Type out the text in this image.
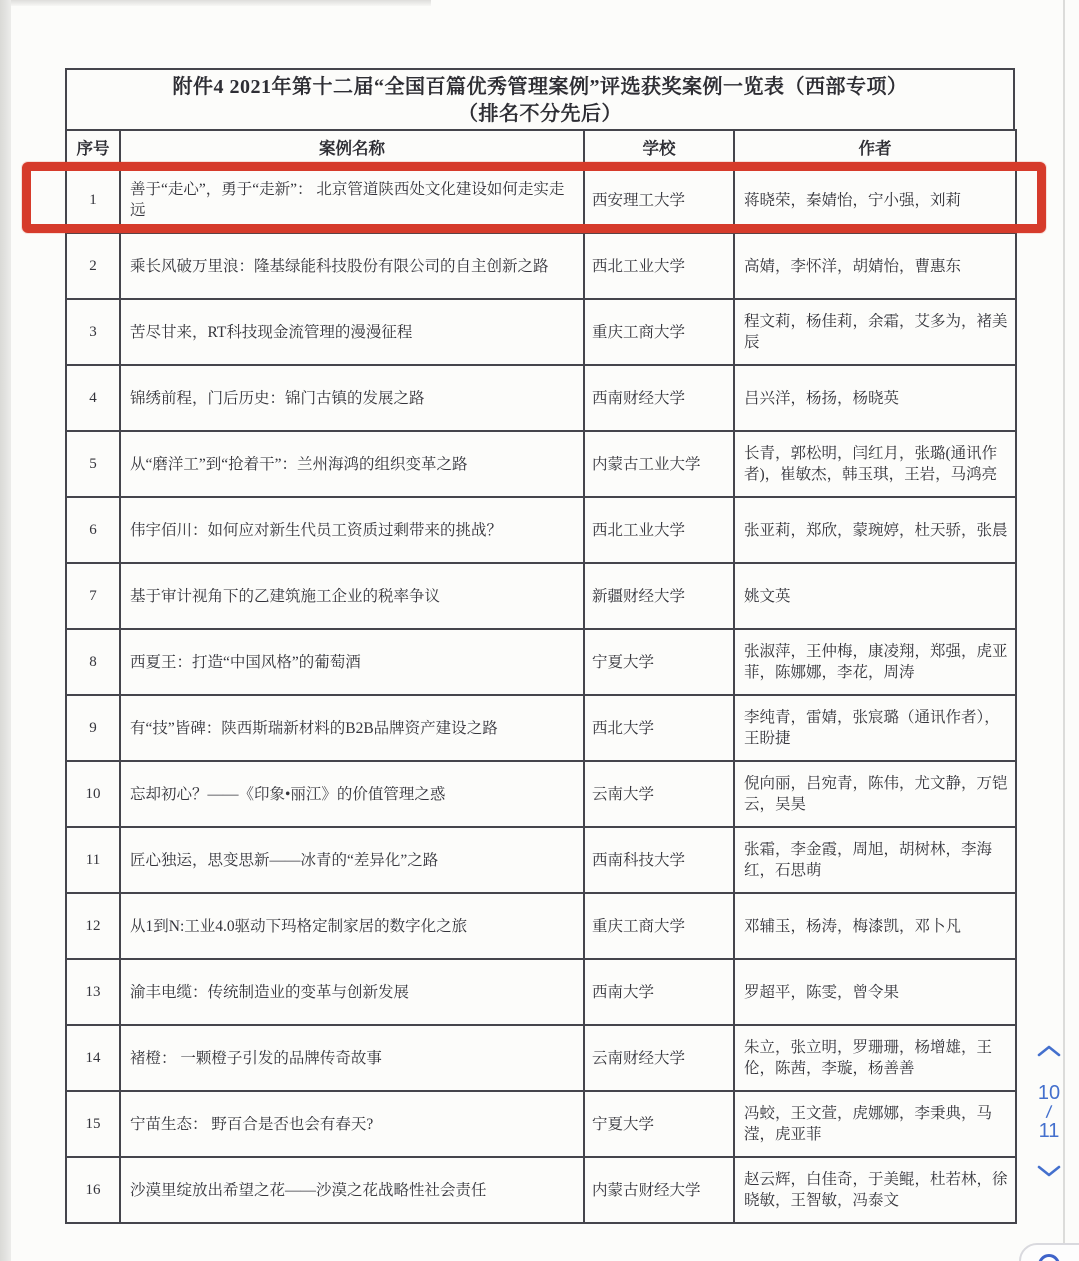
附件4 2021年第十二届“全国百篇优秀管理案例”评选获奖案例一览表（西部专项）
（排名不分先后）
序号	案例名称	学校	作者
1	善于“走心”，勇于“走新”： 北京管道陕西处文化建设如何走实走远	西安理工大学	蒋晓荣，秦婧怡，宁小强，刘莉
2	乘长风破万里浪：隆基绿能科技股份有限公司的自主创新之路	西北工业大学	高婧，李怀洋，胡婧怡，曹惠东
3	苦尽甘来，RT科技现金流管理的漫漫征程	重庆工商大学	程文莉，杨佳莉，余霜，艾多为，褚美辰
4	锦绣前程，门后历史：锦门古镇的发展之路	西南财经大学	吕兴洋，杨扬，杨晓英
5	从“磨洋工”到“抢着干”：兰州海鸿的组织变革之路	内蒙古工业大学	长青，郭松明，闫红月，张璐(通讯作者)，崔敏杰，韩玉琪，王岩，马鸿亮
6	伟宇佰川：如何应对新生代员工资质过剩带来的挑战？	西北工业大学	张亚莉，郑欣，蒙琬婷，杜天骄，张晨
7	基于审计视角下的乙建筑施工企业的税率争议	新疆财经大学	姚文英
8	西夏王：打造“中国风格”的葡萄酒	宁夏大学	张淑萍，王仲梅，康凌翔，郑强，虎亚菲，陈娜娜，李花，周涛
9	有“技”皆碑：陕西斯瑞新材料的B2B品牌资产建设之路	西北大学	李纯青，雷婧，张宸璐（通讯作者），王盼捷
10	忘却初心？——《印象•丽江》的价值管理之惑	云南大学	倪向丽，吕宛青，陈伟，尤文静，万铠云，吴昊
11	匠心独运，思变思新——冰青的“差异化”之路	西南科技大学	张霜，李金霞，周旭，胡树林，李海红，石思萌
12	从1到N:工业4.0驱动下玛格定制家居的数字化之旅	重庆工商大学	邓辅玉，杨涛，梅漆凯，邓卜凡
13	渝丰电缆：传统制造业的变革与创新发展	西南大学	罗超平，陈雯，曾令果
14	褚橙： 一颗橙子引发的品牌传奇故事	云南财经大学	朱立，张立明，罗珊珊，杨增雄，王伦，陈茜，李璇，杨善善
15	宁苗生态： 野百合是否也会有春天?	宁夏大学	冯蛟，王文萱，虎娜娜，李秉典，马滢，虎亚菲
16	沙漠里绽放出希望之花——沙漠之花战略性社会责任	内蒙古财经大学	赵云辉，白佳奇，于美鲲，杜若林，徐晓敏，王智敏，冯泰文
10
/
11
